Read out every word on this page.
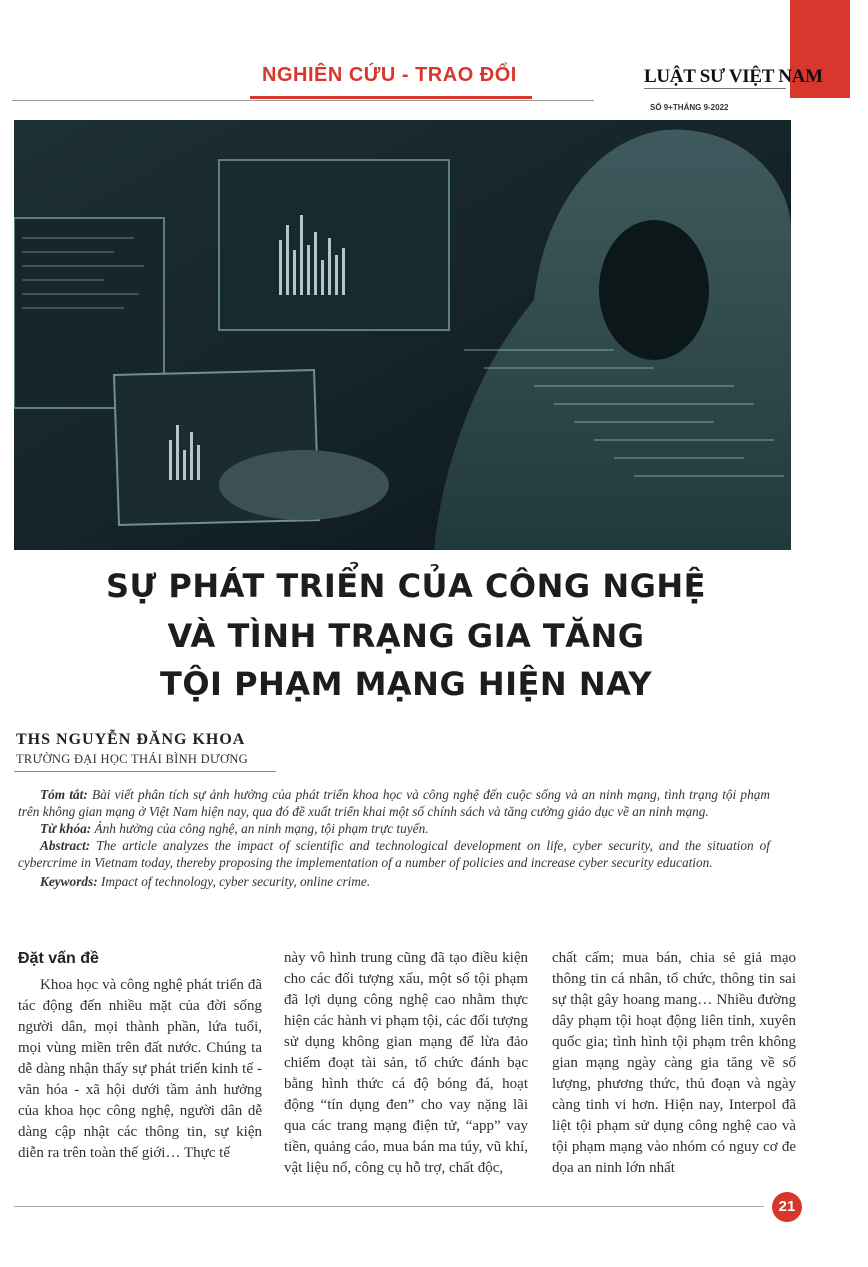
NGHIÊN CỨU - TRAO ĐỔI	LUẬT SƯ VIỆT NAM
SỐ 9+THÁNG 9-2022
SỰ PHÁT TRIỂN CỦA CÔNG NGHỆ
VÀ TÌNH TRẠNG GIA TĂNG
TỘI PHẠM MẠNG HIỆN NAY
THS NGUYỄN ĐĂNG KHOA
TRƯỜNG ĐẠI HỌC THÁI BÌNH DƯƠNG

Tóm tắt: Bài viết phân tích sự ảnh hưởng của phát triển khoa học và công nghệ đến cuộc sống và an ninh mạng, tình trạng tội phạm trên không gian mạng ở Việt Nam hiện nay, qua đó đề xuất triển khai một số chính sách và tăng cường giáo dục về an ninh mạng.

Từ khóa: Ảnh hưởng của công nghệ, an ninh mạng, tội phạm trực tuyến.

Abstract: The article analyzes the impact of scientific and technological development on life, cyber security, and the situation of cybercrime in Vietnam today, thereby proposing the implementation of a number of policies and increase cyber security education.

Keywords: Impact of technology, cyber security, online crime.

Đặt vấn đề

Khoa học và công nghệ phát triển đã tác động đến nhiều mặt của đời sống người dân, mọi thành phần, lứa tuổi, mọi vùng miền trên đất nước. Chúng ta dễ dàng nhận thấy sự phát triển kinh tế - văn hóa - xã hội dưới tầm ảnh hưởng của khoa học công nghệ, người dân dễ dàng cập nhật các thông tin, sự kiện diễn ra trên toàn thế giới… Thực tế

này vô hình trung cũng đã tạo điều kiện cho các đối tượng xấu, một số tội phạm đã lợi dụng công nghệ cao nhằm thực hiện các hành vi phạm tội, các đối tượng sử dụng không gian mạng để lừa đảo chiếm đoạt tài sản, tổ chức đánh bạc bằng hình thức cá độ bóng đá, hoạt động “tín dụng đen” cho vay nặng lãi qua các trang mạng điện tử, “app” vay tiền, quảng cáo, mua bán ma túy, vũ khí, vật liệu nổ, công cụ hỗ trợ, chất độc,

chất cấm; mua bán, chia sẻ giả mạo thông tin cá nhân, tổ chức, thông tin sai sự thật gây hoang mang… Nhiều đường dây phạm tội hoạt động liên tỉnh, xuyên quốc gia; tình hình tội phạm trên không gian mạng ngày càng gia tăng về số lượng, phương thức, thủ đoạn và ngày càng tinh vi hơn. Hiện nay, Interpol đã liệt tội phạm sử dụng công nghệ cao và tội phạm mạng vào nhóm có nguy cơ đe dọa an ninh lớn nhất

21
